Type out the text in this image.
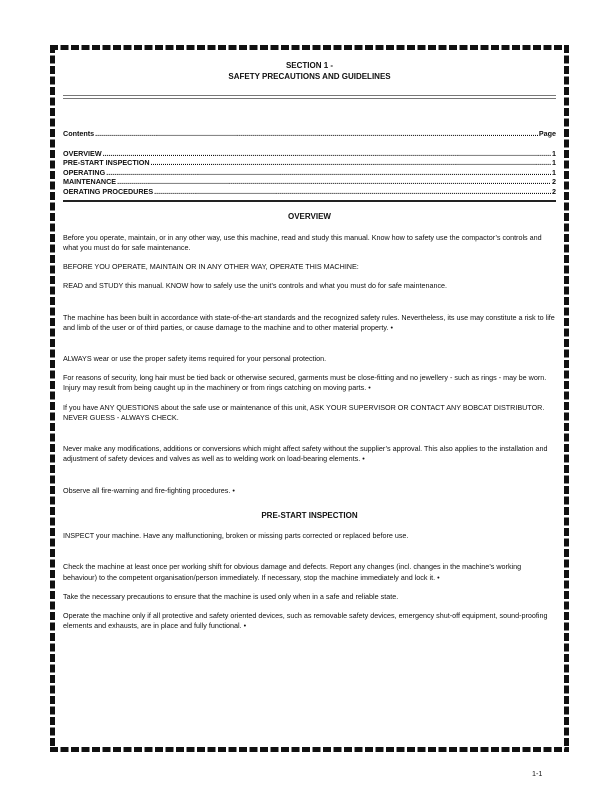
SECTION 1 -
SAFETY PRECAUTIONS AND GUIDELINES
Contents .....	Page
OVERVIEW .....	1
PRE-START INSPECTION .....	1
OPERATING .....	1
MAINTENANCE .....	2
OERATING PROCEDURES .....	2
OVERVIEW

Before you operate, maintain, or in any other way, use this machine, read and study this manual. Know how to safety use the compactor’s controls and what you must do for safe maintenance.

BEFORE YOU OPERATE, MAINTAIN OR IN ANY OTHER WAY, OPERATE THIS MACHINE:

READ and STUDY this manual. KNOW how to safely use the unit’s controls and what you must do for safe maintenance.

The machine has been built in accordance with state-of-the-art standards and the recognized safety rules. Nevertheless, its use may constitute a risk to life and limb of the user or of third parties, or cause damage to the machine and to other material property. •

ALWAYS wear or use the proper safety items required for your personal protection.

For reasons of security, long hair must be tied back or otherwise secured, garments must be close-fitting and no jewellery - such as rings - may be worn. Injury may result from being caught up in the machinery or from rings catching on moving parts. •

If you have ANY QUESTIONS about the safe use or maintenance of this unit, ASK YOUR SUPERVISOR OR CONTACT ANY BOBCAT DISTRIBUTOR. NEVER GUESS - ALWAYS CHECK.

Never make any modifications, additions or conversions which might affect safety without the supplier’s approval. This also applies to the installation and adjustment of safety devices and valves as well as to welding work on load-bearing elements. •

Observe all fire-warning and fire-fighting procedures. •

PRE-START INSPECTION

INSPECT your machine. Have any malfunctioning, broken or missing parts corrected or replaced before use.

Check the machine at least once per working shift for obvious damage and defects. Report any changes (incl. changes in the machine’s working behaviour) to the competent organisation/person immediately. If necessary, stop the machine immediately and lock it. •

Take the necessary precautions to ensure that the machine is used only when in a safe and reliable state.

Operate the machine only if all protective and safety oriented devices, such as removable safety devices, emergency shut-off equipment, sound-proofing elements and exhausts, are in place and fully functional. •

1-1
